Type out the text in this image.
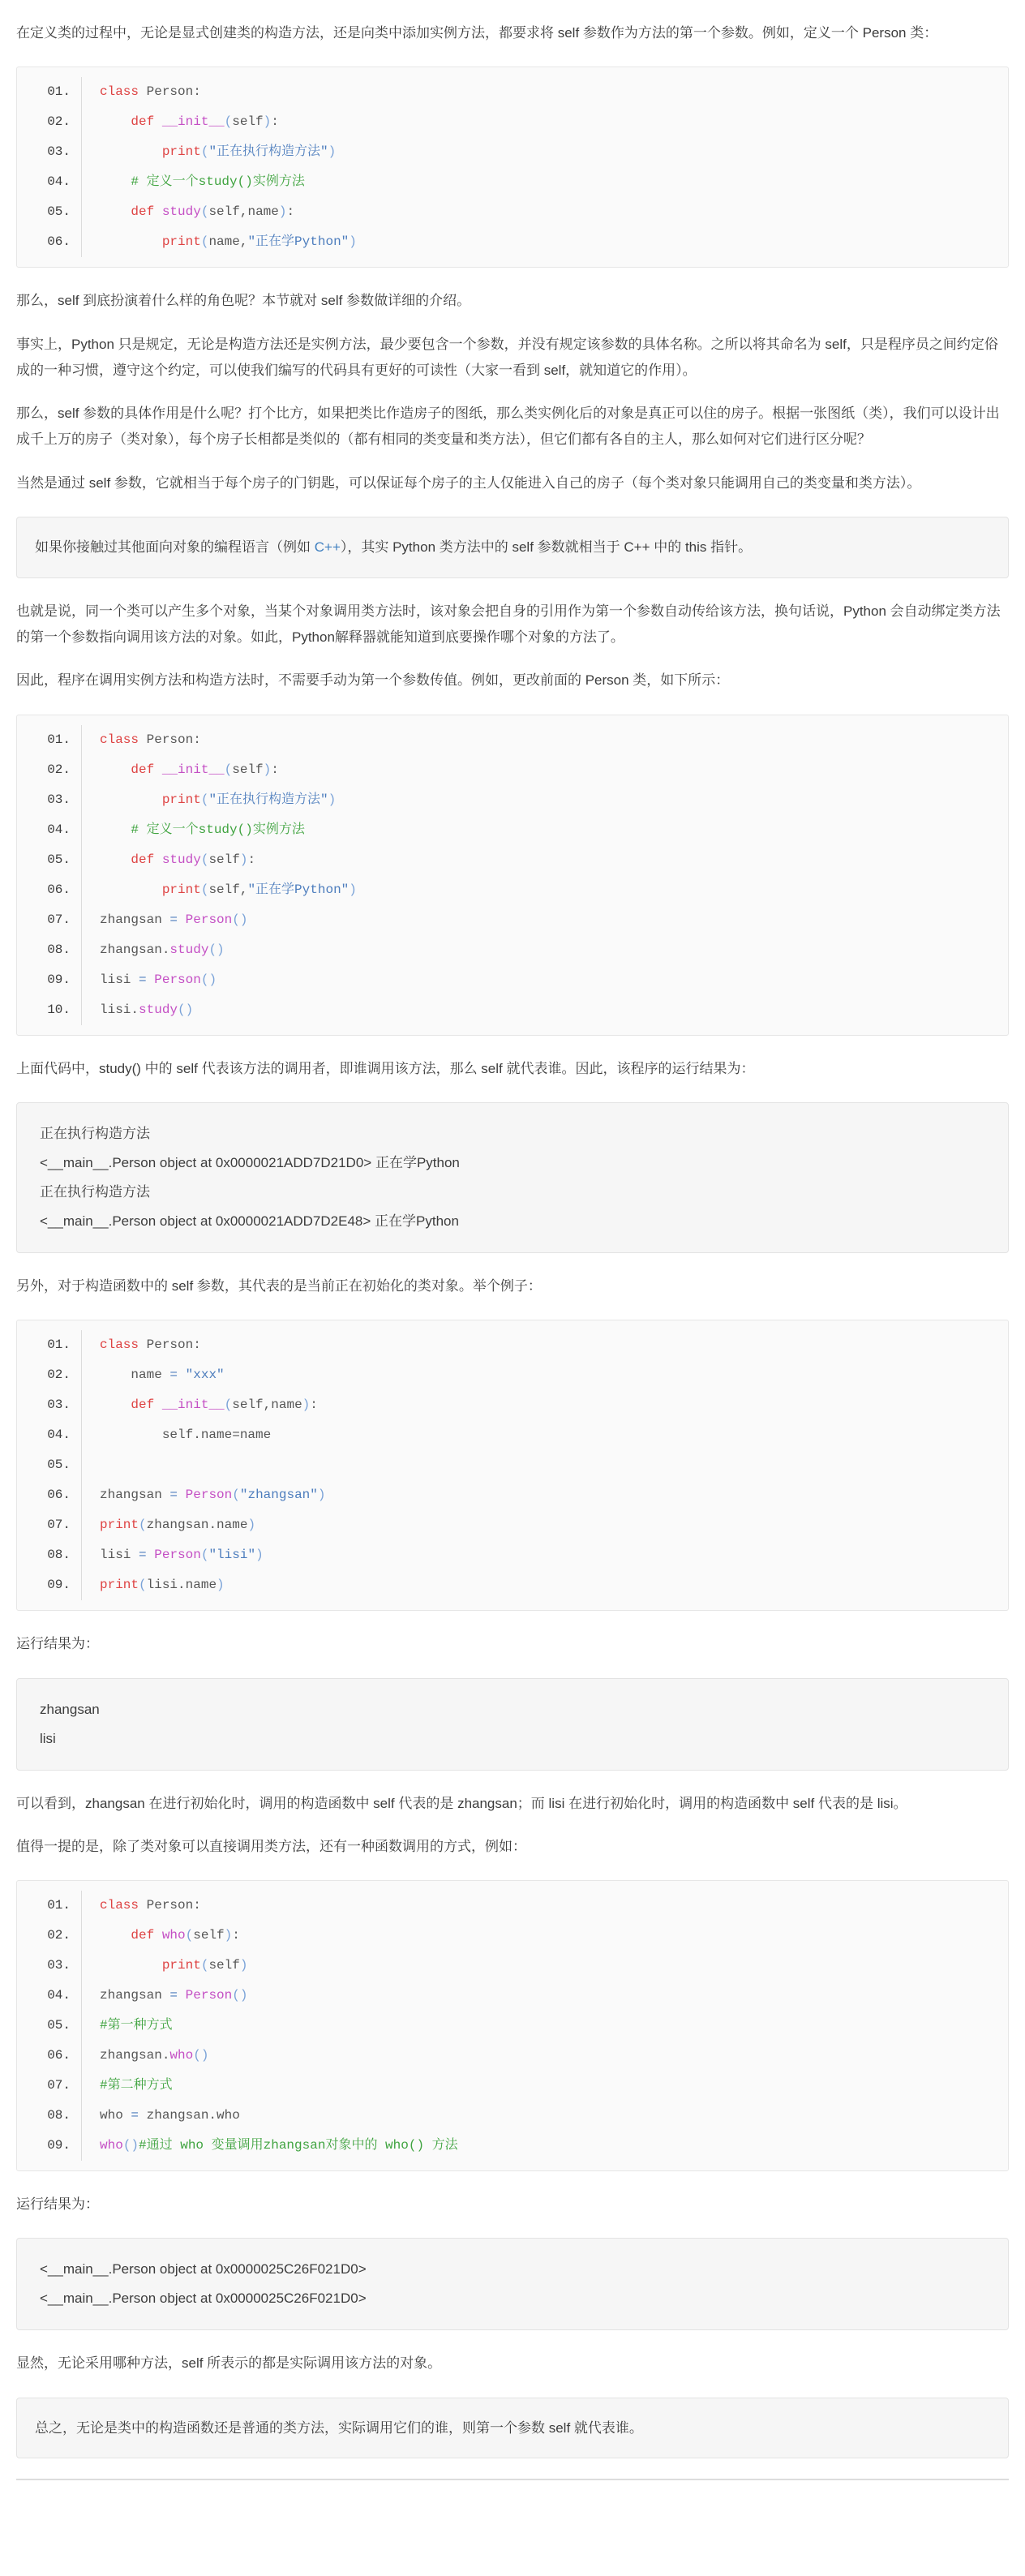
在定义类的过程中，无论是显式创建类的构造方法，还是向类中添加实例方法，都要求将 self 参数作为方法的第一个参数。例如，定义一个 Person 类：

01.	class Person:
02.	def __init__(self):
03.	print("正在执行构造方法")
04.	# 定义一个study()实例方法
05.	def study(self,name):
06.	print(name,"正在学Python")

那么，self 到底扮演着什么样的角色呢？本节就对 self 参数做详细的介绍。

事实上，Python 只是规定，无论是构造方法还是实例方法，最少要包含一个参数，并没有规定该参数的具体名称。之所以将其命名为 self，只是程序员之间约定俗成的一种习惯，遵守这个约定，可以使我们编写的代码具有更好的可读性（大家一看到 self，就知道它的作用）。

那么，self 参数的具体作用是什么呢？打个比方，如果把类比作造房子的图纸，那么类实例化后的对象是真正可以住的房子。根据一张图纸（类），我们可以设计出成千上万的房子（类对象），每个房子长相都是类似的（都有相同的类变量和类方法），但它们都有各自的主人，那么如何对它们进行区分呢？

当然是通过 self 参数，它就相当于每个房子的门钥匙，可以保证每个房子的主人仅能进入自己的房子（每个类对象只能调用自己的类变量和类方法）。

如果你接触过其他面向对象的编程语言（例如 C++），其实 Python 类方法中的 self 参数就相当于 C++ 中的 this 指针。

也就是说，同一个类可以产生多个对象，当某个对象调用类方法时，该对象会把自身的引用作为第一个参数自动传给该方法，换句话说，Python 会自动绑定类方法的第一个参数指向调用该方法的对象。如此，Python解释器就能知道到底要操作哪个对象的方法了。

因此，程序在调用实例方法和构造方法时，不需要手动为第一个参数传值。例如，更改前面的 Person 类，如下所示：

01.	class Person:
02.	def __init__(self):
03.	print("正在执行构造方法")
04.	# 定义一个study()实例方法
05.	def study(self):
06.	print(self,"正在学Python")
07.	zhangsan = Person()
08.	zhangsan.study()
09.	lisi = Person()
10.	lisi.study()

上面代码中，study() 中的 self 代表该方法的调用者，即谁调用该方法，那么 self 就代表谁。因此，该程序的运行结果为：

正在执行构造方法
<__main__.Person object at 0x0000021ADD7D21D0> 正在学Python
正在执行构造方法
<__main__.Person object at 0x0000021ADD7D2E48> 正在学Python

另外，对于构造函数中的 self 参数，其代表的是当前正在初始化的类对象。举个例子：

01.	class Person:
02.	name = "xxx"
03.	def __init__(self,name):
04.	self.name=name
05.
06.	zhangsan = Person("zhangsan")
07.	print(zhangsan.name)
08.	lisi = Person("lisi")
09.	print(lisi.name)

运行结果为：

zhangsan
lisi

可以看到，zhangsan 在进行初始化时，调用的构造函数中 self 代表的是 zhangsan；而 lisi 在进行初始化时，调用的构造函数中 self 代表的是 lisi。

值得一提的是，除了类对象可以直接调用类方法，还有一种函数调用的方式，例如：

01.	class Person:
02.	def who(self):
03.	print(self)
04.	zhangsan = Person()
05.	#第一种方式
06.	zhangsan.who()
07.	#第二种方式
08.	who = zhangsan.who
09.	who()#通过 who 变量调用zhangsan对象中的 who() 方法

运行结果为：

<__main__.Person object at 0x0000025C26F021D0>
<__main__.Person object at 0x0000025C26F021D0>

显然，无论采用哪种方法，self 所表示的都是实际调用该方法的对象。

总之，无论是类中的构造函数还是普通的类方法，实际调用它们的谁，则第一个参数 self 就代表谁。
